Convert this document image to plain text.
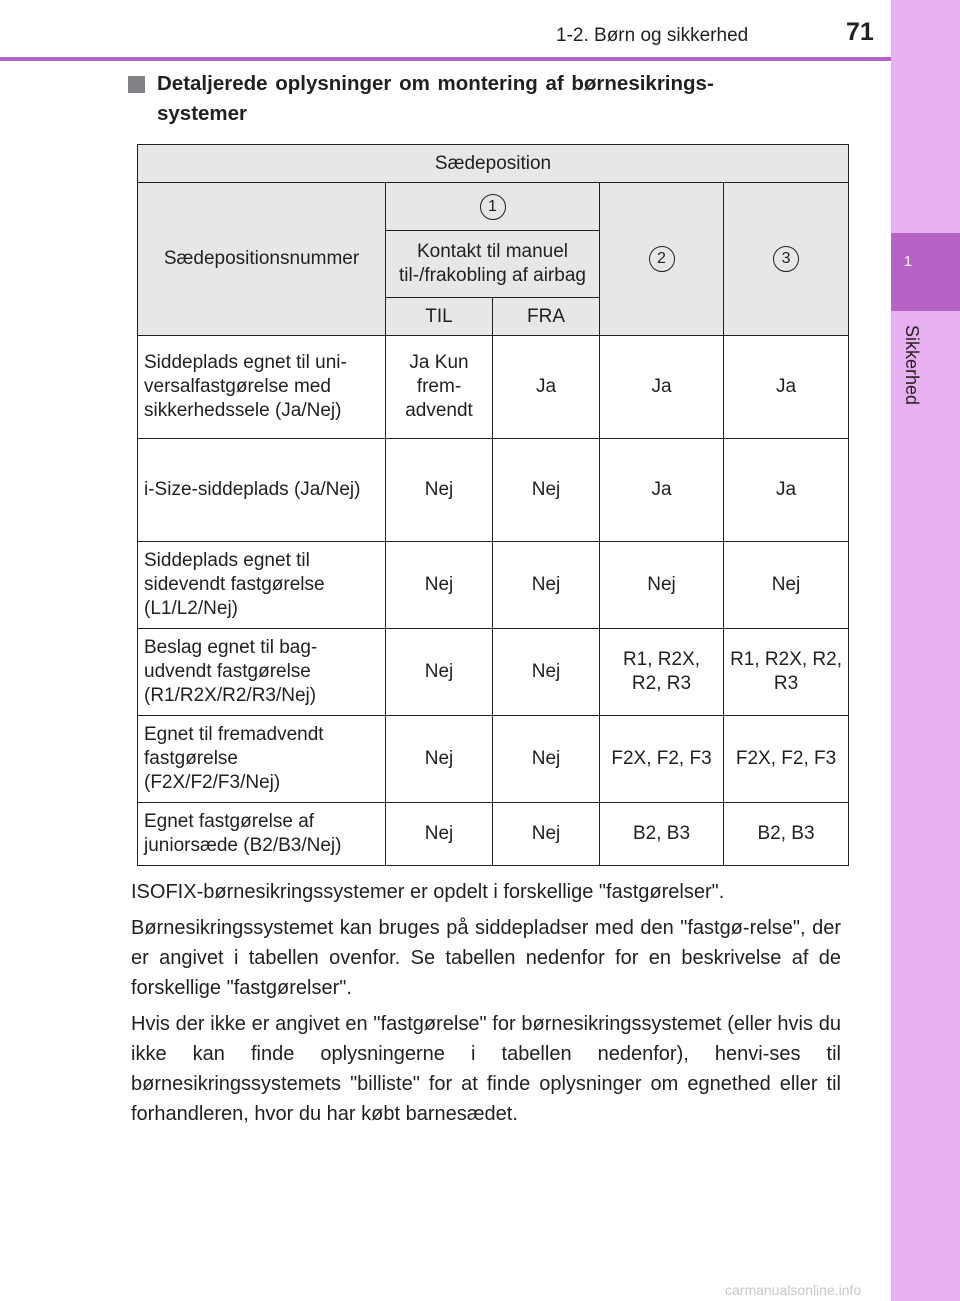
1
Sikkerhed
1-2. Børn og sikkerhed	71
Detaljerede oplysninger om montering af børnesikrings-
systemer
Sædeposition				
Sædepositionsnummer	1		2	3
	Kontakt til manuel til-/frakobling af airbag			
	TIL	FRA		
Siddeplads egnet til uni-versalfastgørelse med sikkerhedssele (Ja/Nej)	Ja Kun frem-advendt	Ja	Ja	Ja
i-Size-siddeplads (Ja/Nej)	Nej	Nej	Ja	Ja
Siddeplads egnet til sidevendt fastgørelse (L1/L2/Nej)	Nej	Nej	Nej	Nej
Beslag egnet til bag-udvendt fastgørelse (R1/R2X/R2/R3/Nej)	Nej	Nej	R1, R2X, R2, R3	R1, R2X, R2, R3
Egnet til fremadvendt fastgørelse (F2X/F2/F3/Nej)	Nej	Nej	F2X, F2, F3	F2X, F2, F3
Egnet fastgørelse af juniorsæde (B2/B3/Nej)	Nej	Nej	B2, B3	B2, B3

ISOFIX-børnesikringssystemer er opdelt i forskellige "fastgørelser".

Børnesikringssystemet kan bruges på siddepladser med den "fastgø-relse", der er angivet i tabellen ovenfor. Se tabellen nedenfor for en beskrivelse af de forskellige "fastgørelser".

Hvis der ikke er angivet en "fastgørelse" for børnesikringssystemet (eller hvis du ikke kan finde oplysningerne i tabellen nedenfor), henvi-ses til børnesikringssystemets "billiste" for at finde oplysninger om egnethed eller til forhandleren, hvor du har købt barnesædet.

carmanualsonline.info
